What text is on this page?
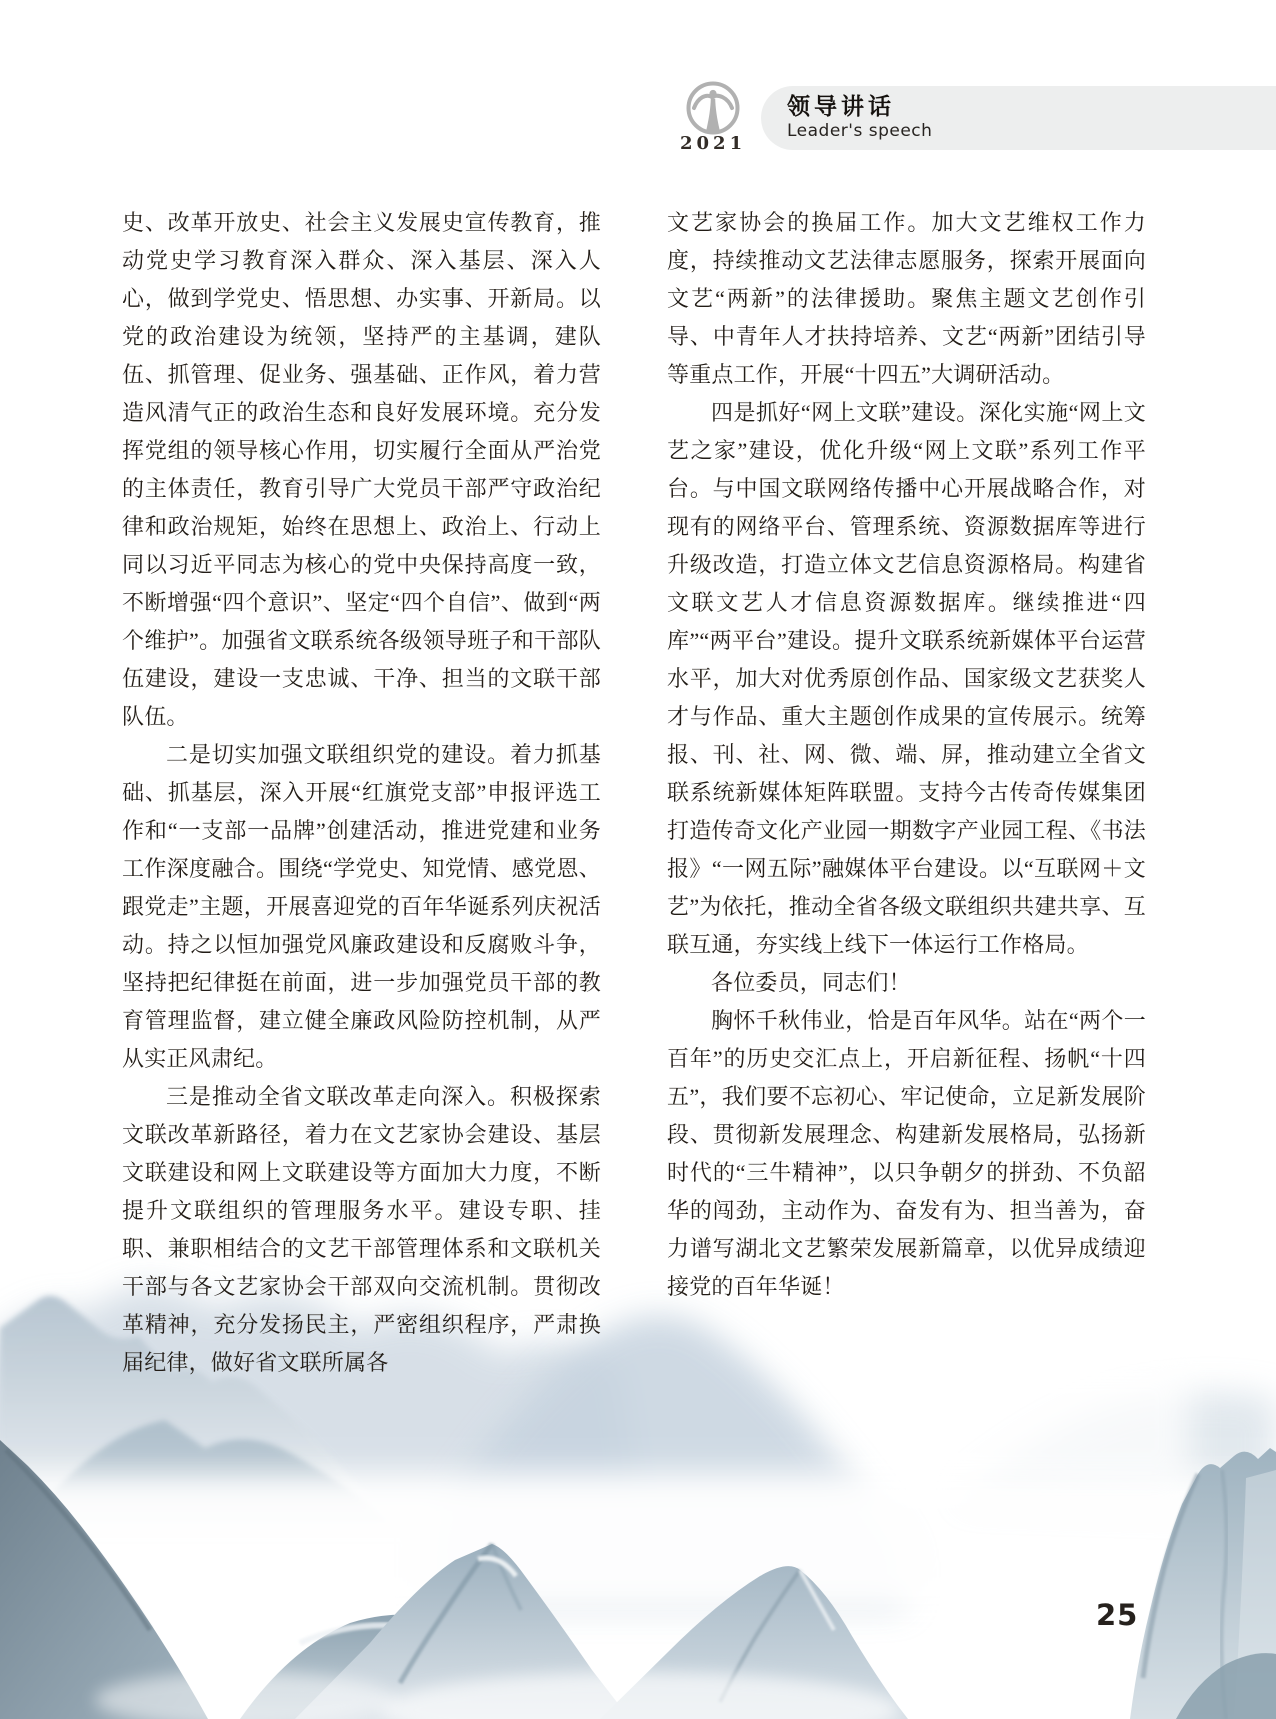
2021
领导讲话
Leader's speech

史、改革开放史、社会主义发展史宣传教育，推动党史学习教育深入群众、深入基层、深入人心，做到学党史、悟思想、办实事、开新局。以党的政治建设为统领，坚持严的主基调，建队伍、抓管理、促业务、强基础、正作风，着力营造风清气正的政治生态和良好发展环境。充分发挥党组的领导核心作用，切实履行全面从严治党的主体责任，教育引导广大党员干部严守政治纪律和政治规矩，始终在思想上、政治上、行动上同以习近平同志为核心的党中央保持高度一致，不断增强“四个意识”、坚定“四个自信”、做到“两个维护”。加强省文联系统各级领导班子和干部队伍建设，建设一支忠诚、干净、担当的文联干部队伍。

二是切实加强文联组织党的建设。着力抓基础、抓基层，深入开展“红旗党支部”申报评选工作和“一支部一品牌”创建活动，推进党建和业务工作深度融合。围绕“学党史、知党情、感党恩、跟党走”主题，开展喜迎党的百年华诞系列庆祝活动。持之以恒加强党风廉政建设和反腐败斗争，坚持把纪律挺在前面，进一步加强党员干部的教育管理监督，建立健全廉政风险防控机制，从严从实正风肃纪。

三是推动全省文联改革走向深入。积极探索文联改革新路径，着力在文艺家协会建设、基层文联建设和网上文联建设等方面加大力度，不断提升文联组织的管理服务水平。建设专职、挂职、兼职相结合的文艺干部管理体系和文联机关干部与各文艺家协会干部双向交流机制。贯彻改革精神，充分发扬民主，严密组织程序，严肃换届纪律，做好省文联所属各

文艺家协会的换届工作。加大文艺维权工作力度，持续推动文艺法律志愿服务，探索开展面向文艺“两新”的法律援助。聚焦主题文艺创作引导、中青年人才扶持培养、文艺“两新”团结引导等重点工作，开展“十四五”大调研活动。

四是抓好“网上文联”建设。深化实施“网上文艺之家”建设，优化升级“网上文联”系列工作平台。与中国文联网络传播中心开展战略合作，对现有的网络平台、管理系统、资源数据库等进行升级改造，打造立体文艺信息资源格局。构建省文联文艺人才信息资源数据库。继续推进“四库”“两平台”建设。提升文联系统新媒体平台运营水平，加大对优秀原创作品、国家级文艺获奖人才与作品、重大主题创作成果的宣传展示。统筹报、刊、社、网、微、端、屏，推动建立全省文联系统新媒体矩阵联盟。支持今古传奇传媒集团打造传奇文化产业园一期数字产业园工程、《书法报》“一网五际”融媒体平台建设。以“互联网＋文艺”为依托，推动全省各级文联组织共建共享、互联互通，夯实线上线下一体运行工作格局。

各位委员，同志们！

胸怀千秋伟业，恰是百年风华。站在“两个一百年”的历史交汇点上，开启新征程、扬帆“十四五”，我们要不忘初心、牢记使命，立足新发展阶段、贯彻新发展理念、构建新发展格局，弘扬新时代的“三牛精神”，以只争朝夕的拼劲、不负韶华的闯劲，主动作为、奋发有为、担当善为，奋力谱写湖北文艺繁荣发展新篇章，以优异成绩迎接党的百年华诞！

25
